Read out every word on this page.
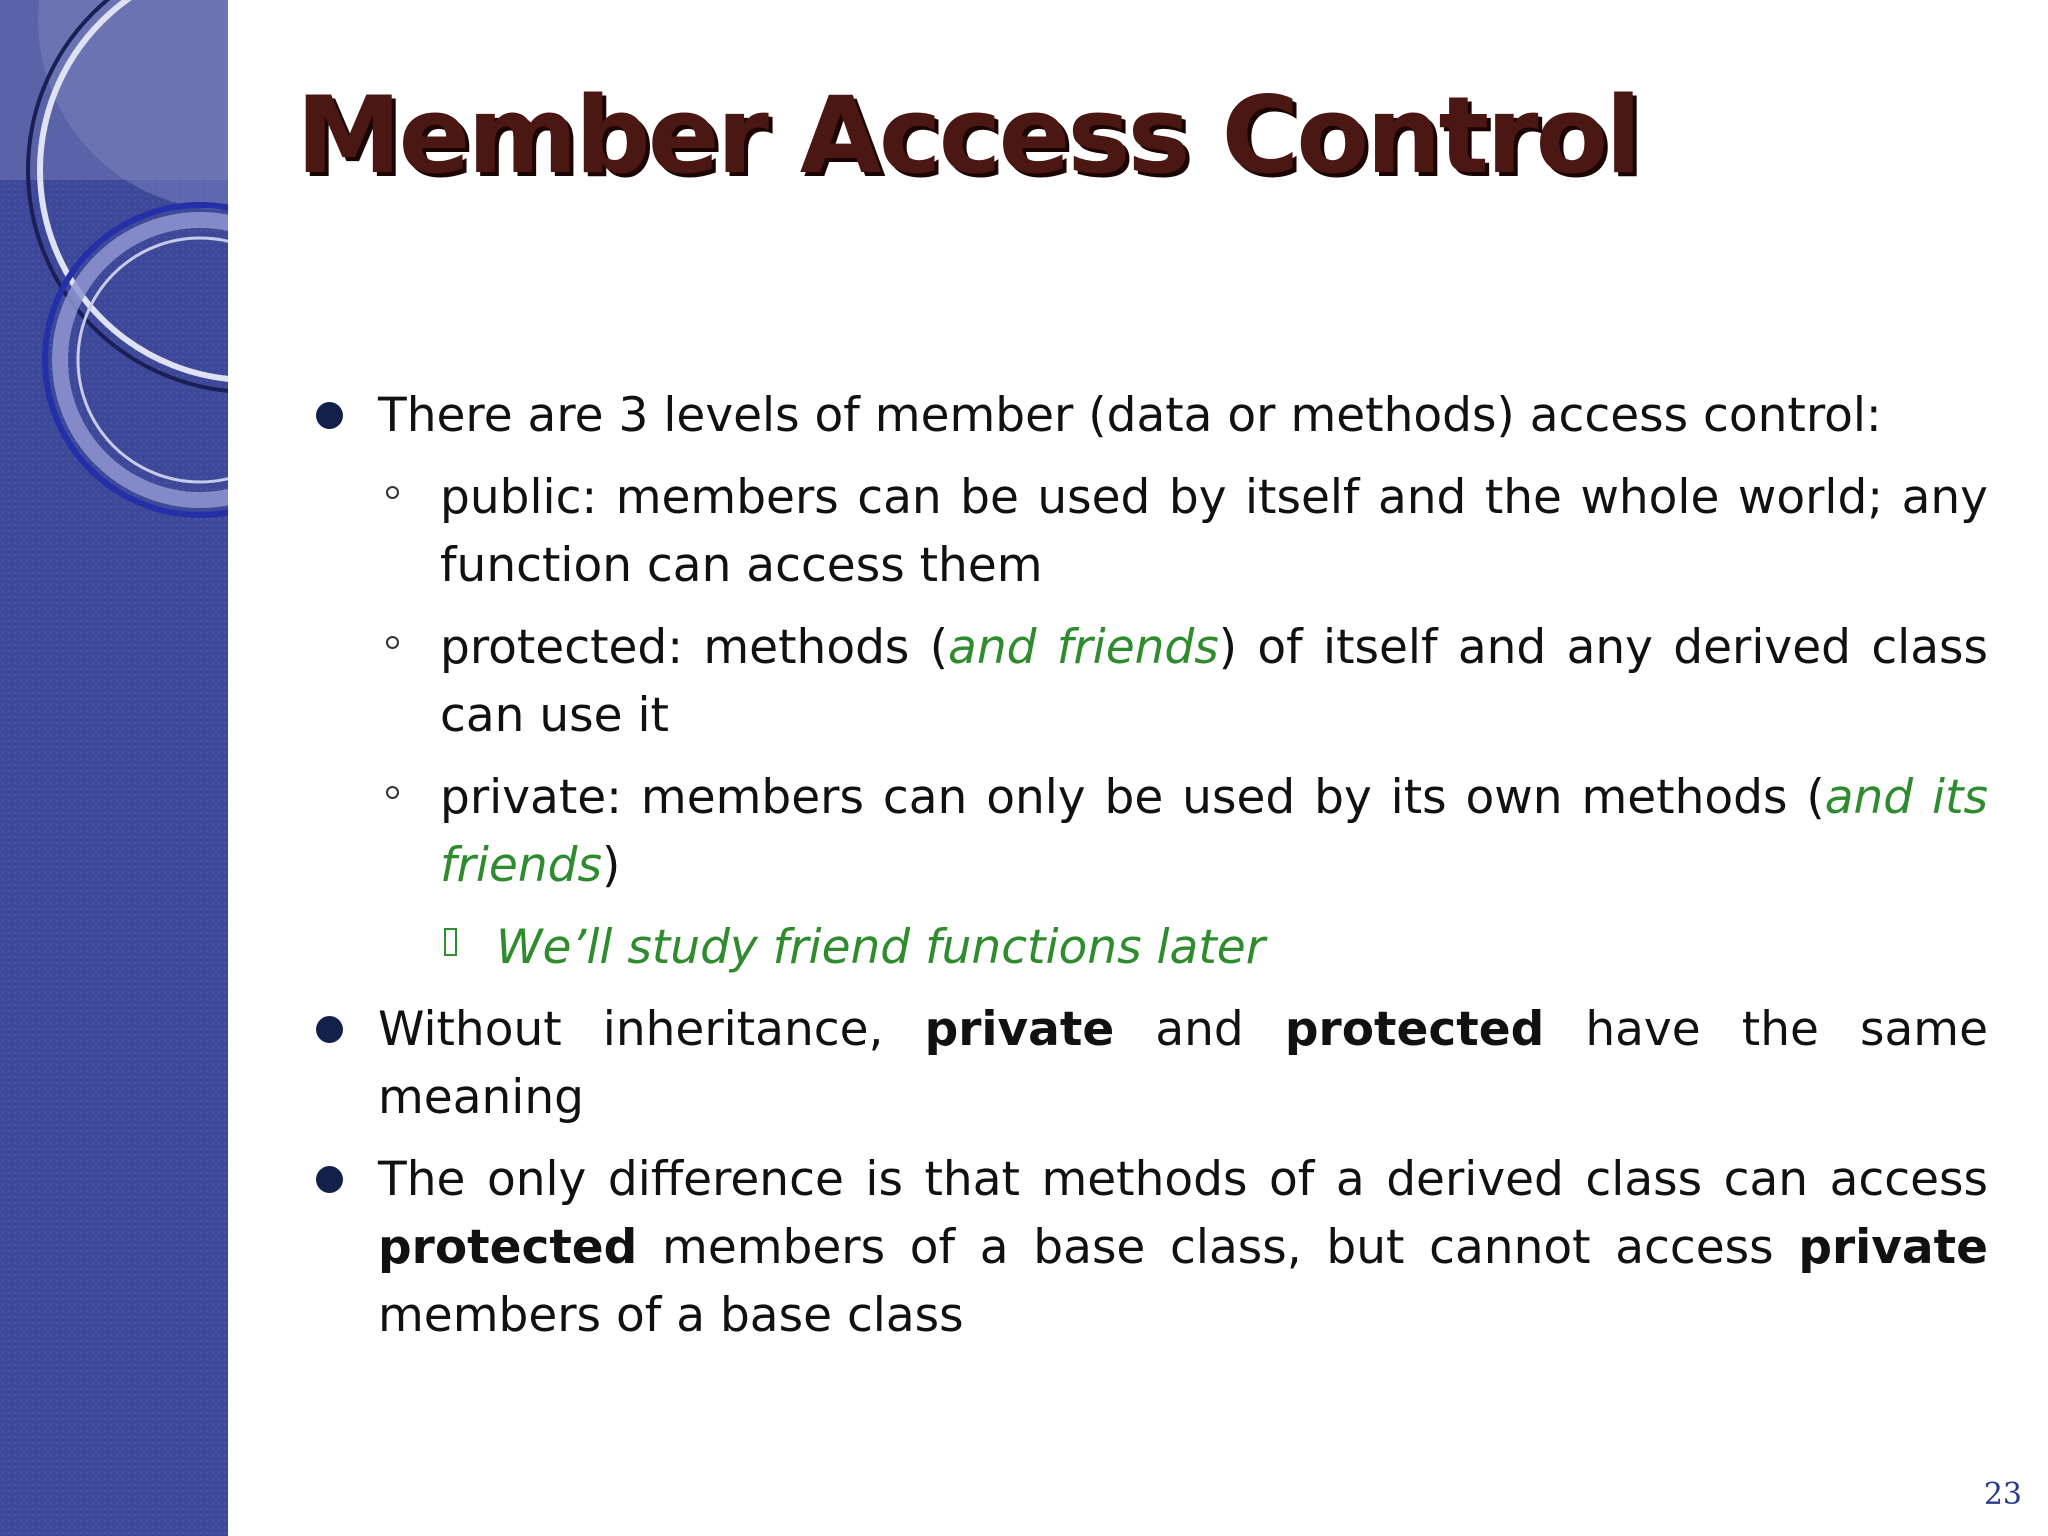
Member Access Control
There are 3 levels of member (data or methods) access control:
public: members can be used by itself and the whole world; any function can access them
protected: methods (and friends) of itself and any derived class can use it
private: members can only be used by its own methods (and its friends)
We’ll study friend functions later
Without inheritance, private and protected have the same meaning
The only difference is that methods of a derived class can access protected members of a base class, but cannot access private members of a base class
23
